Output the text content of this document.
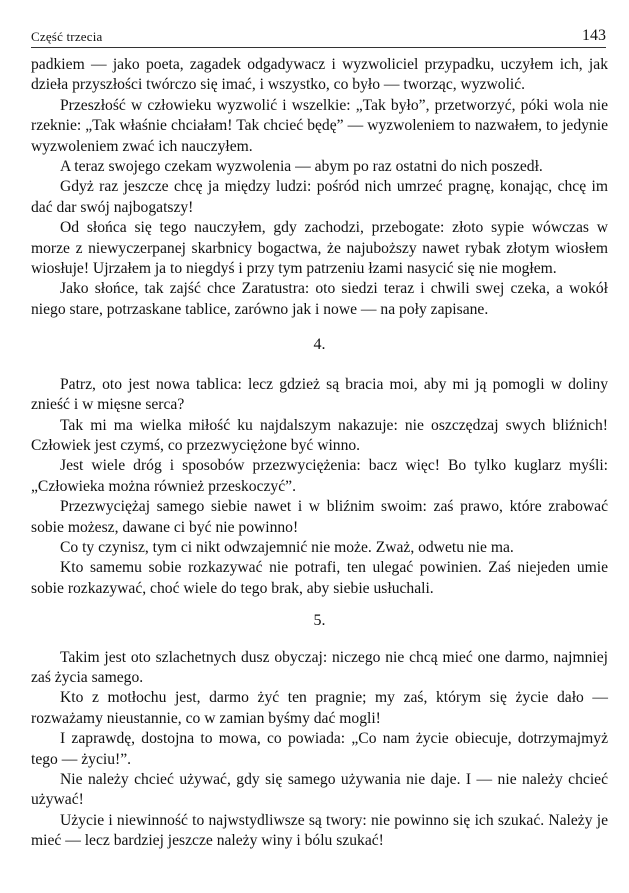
Część trzecia	143

padkiem — jako poeta, zagadek odgadywacz i wyzwoliciel przypadku, uczyłem ich, jak dzieła przyszłości twórczo się imać, i wszystko, co było — tworząc, wyzwolić.

Przeszłość w człowieku wyzwolić i wszelkie: „Tak było”, przetworzyć, póki wola nie rzeknie: „Tak właśnie chciałam! Tak chcieć będę” — wyzwoleniem to nazwałem, to jedynie wyzwoleniem zwać ich nauczyłem.

A teraz swojego czekam wyzwolenia — abym po raz ostatni do nich poszedł.

Gdyż raz jeszcze chcę ja między ludzi: pośród nich umrzeć pragnę, konając, chcę im dać dar swój najbogatszy!

Od słońca się tego nauczyłem, gdy zachodzi, przebogate: złoto sypie wówczas w morze z niewyczerpanej skarbnicy bogactwa, że najuboższy nawet rybak złotym wiosłem wiosłuje! Ujrzałem ja to niegdyś i przy tym patrzeniu łzami nasycić się nie mogłem.

Jako słońce, tak zajść chce Zaratustra: oto siedzi teraz i chwili swej czeka, a wokół niego stare, potrzaskane tablice, zarówno jak i nowe — na poły zapisane.

4.

Patrz, oto jest nowa tablica: lecz gdzież są bracia moi, aby mi ją pomogli w doliny znieść i w mięsne serca?

Tak mi ma wielka miłość ku najdalszym nakazuje: nie oszczędzaj swych bliźnich! Człowiek jest czymś, co przezwyciężone być winno.

Jest wiele dróg i sposobów przezwyciężenia: bacz więc! Bo tylko kuglarz myśli: „Człowieka można również przeskoczyć”.

Przezwyciężaj samego siebie nawet i w bliźnim swoim: zaś prawo, które zrabować sobie możesz, dawane ci być nie powinno!

Co ty czynisz, tym ci nikt odwzajemnić nie może. Zważ, odwetu nie ma.

Kto samemu sobie rozkazywać nie potrafi, ten ulegać powinien. Zaś niejeden umie sobie rozkazywać, choć wiele do tego brak, aby siebie usłuchali.

5.

Takim jest oto szlachetnych dusz obyczaj: niczego nie chcą mieć one darmo, najmniej zaś życia samego.

Kto z motłochu jest, darmo żyć ten pragnie; my zaś, którym się życie dało — rozważamy nieustannie, co w zamian byśmy dać mogli!

I zaprawdę, dostojna to mowa, co powiada: „Co nam życie obiecuje, dotrzymajmyż tego — życiu!”.

Nie należy chcieć używać, gdy się samego używania nie daje. I — nie należy chcieć używać!

Użycie i niewinność to najwstydliwsze są twory: nie powinno się ich szukać. Należy je mieć — lecz bardziej jeszcze należy winy i bólu szukać!
